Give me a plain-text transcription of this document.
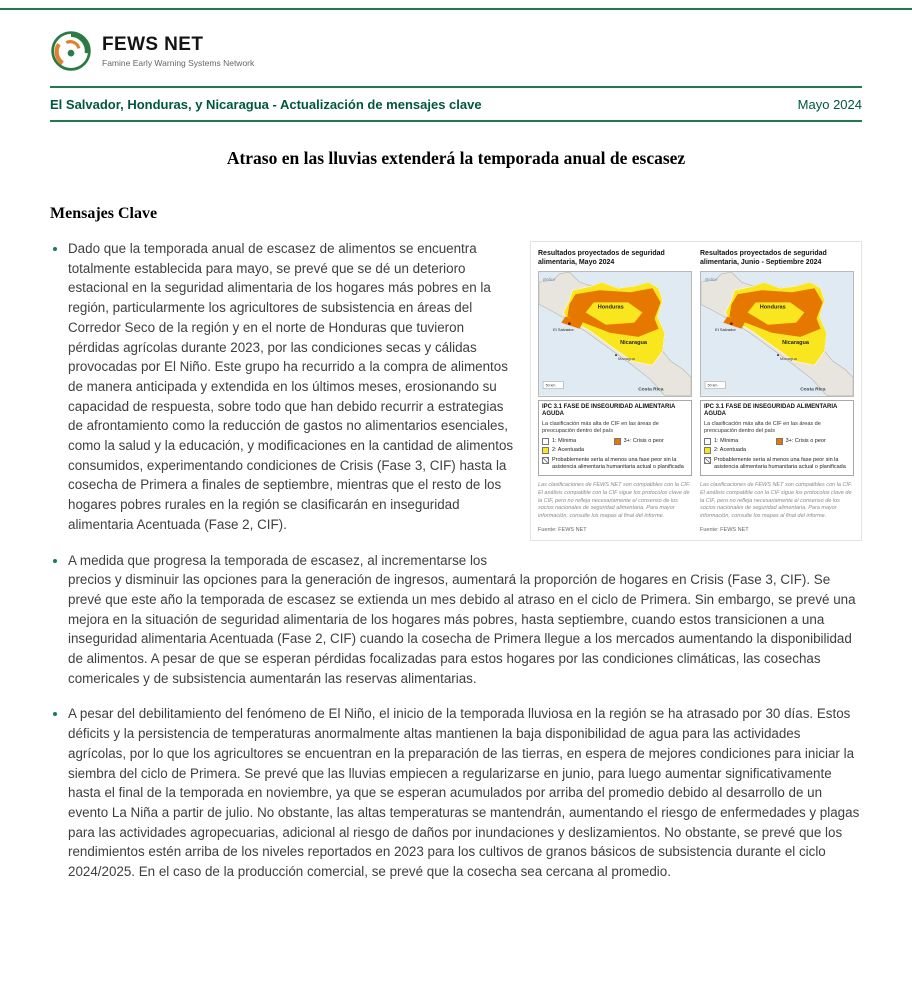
FEWS NET
Famine Early Warning Systems Network
El Salvador, Honduras, y Nicaragua - Actualización de mensajes clave	Mayo 2024
Atraso en las lluvias extenderá la temporada anual de escasez
Mensajes Clave
Resultados proyectados de seguridad alimentaria, Mayo 2024
Belice
Honduras
El Salvador
Nicaragua
Managua
Costa Rica
50 km
IPC 3.1 FASE DE INSEGURIDAD ALIMENTARIA AGUDA
La clasificación más alta de CIF en las áreas de preocupación dentro del país
1: Mínima	3+: Crisis o peor
2: Acentuada
Probablemente sería al menos una fase peor sin la asistencia alimentaria humanitaria actual o planificada
Las clasificaciones de FEWS NET son compatibles con la CIF. El análisis compatible con la CIF sigue los protocolos clave de la CIF, pero no refleja necesariamente el consenso de los socios nacionales de seguridad alimentaria. Para mayor información, consulte los mapas al final del informe.
Fuente: FEWS NET
Resultados proyectados de seguridad alimentaria, Junio - Septiembre 2024
Belice
Honduras
El Salvador
Nicaragua
Managua
Costa Rica
50 km
IPC 3.1 FASE DE INSEGURIDAD ALIMENTARIA AGUDA
La clasificación más alta de CIF en las áreas de preocupación dentro del país
1: Mínima	3+: Crisis o peor
2: Acentuada
Probablemente sería al menos una fase peor sin la asistencia alimentaria humanitaria actual o planificada
Las clasificaciones de FEWS NET son compatibles con la CIF. El análisis compatible con la CIF sigue los protocolos clave de la CIF, pero no refleja necesariamente el consenso de los socios nacionales de seguridad alimentaria. Para mayor información, consulte los mapas al final del informe.
Fuente: FEWS NET
• Dado que la temporada anual de escasez de alimentos se encuentra totalmente establecida para mayo, se prevé que se dé un deterioro estacional en la seguridad alimentaria de los hogares más pobres en la región, particularmente los agricultores de subsistencia en áreas del Corredor Seco de la región y en el norte de Honduras que tuvieron pérdidas agrícolas durante 2023, por las condiciones secas y cálidas provocadas por El Niño. Este grupo ha recurrido a la compra de alimentos de manera anticipada y extendida en los últimos meses, erosionando su capacidad de respuesta, sobre todo que han debido recurrir a estrategias de afrontamiento como la reducción de gastos no alimentarios esenciales, como la salud y la educación, y modificaciones en la cantidad de alimentos consumidos, experimentando condiciones de Crisis (Fase 3, CIF) hasta la cosecha de Primera a finales de septiembre, mientras que el resto de los hogares pobres rurales en la región se clasificarán en inseguridad alimentaria Acentuada (Fase 2, CIF).
• A medida que progresa la temporada de escasez, al incrementarse los precios y disminuir las opciones para la generación de ingresos, aumentará la proporción de hogares en Crisis (Fase 3, CIF). Se prevé que este año la temporada de escasez se extienda un mes debido al atraso en el ciclo de Primera. Sin embargo, se prevé una mejora en la situación de seguridad alimentaria de los hogares más pobres, hasta septiembre, cuando estos transicionen a una inseguridad alimentaria Acentuada (Fase 2, CIF) cuando la cosecha de Primera llegue a los mercados aumentando la disponibilidad de alimentos. A pesar de que se esperan pérdidas focalizadas para estos hogares por las condiciones climáticas, las cosechas comericales y de subsistencia aumentarán las reservas alimentarias.
• A pesar del debilitamiento del fenómeno de El Niño, el inicio de la temporada lluviosa en la región se ha atrasado por 30 días. Estos déficits y la persistencia de temperaturas anormalmente altas mantienen la baja disponibilidad de agua para las actividades agrícolas, por lo que los agricultores se encuentran en la preparación de las tierras, en espera de mejores condiciones para iniciar la siembra del ciclo de Primera. Se prevé que las lluvias empiecen a regularizarse en junio, para luego aumentar significativamente hasta el final de la temporada en noviembre, ya que se esperan acumulados por arriba del promedio debido al desarrollo de un evento La Niña a partir de julio. No obstante, las altas temperaturas se mantendrán, aumentando el riesgo de enfermedades y plagas para las actividades agropecuarias, adicional al riesgo de daños por inundaciones y deslizamientos. No obstante, se prevé que los rendimientos estén arriba de los niveles reportados en 2023 para los cultivos de granos básicos de subsistencia durante el ciclo 2024/2025. En el caso de la producción comercial, se prevé que la cosecha sea cercana al promedio.
